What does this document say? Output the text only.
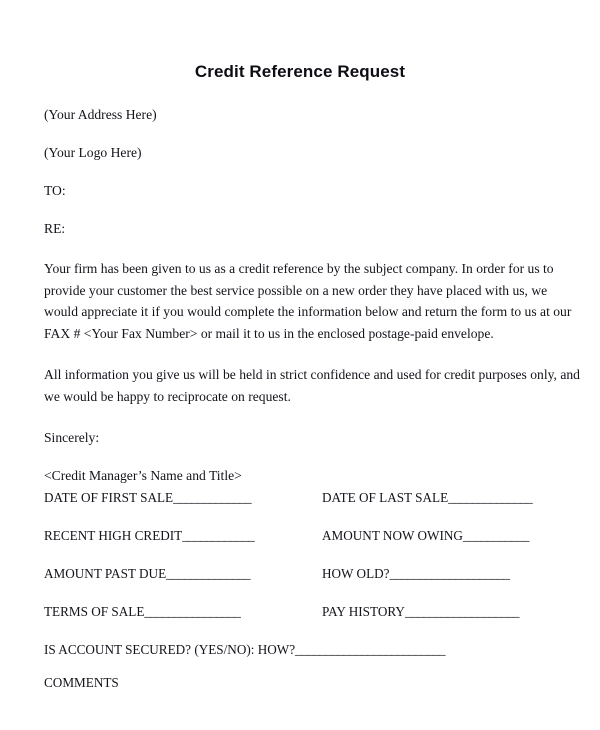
Credit Reference Request
(Your Address Here)
(Your Logo Here)
TO:
RE:
Your firm has been given to us as a credit reference by the subject company. In order for us to provide your customer the best service possible on a new order they have placed with us, we would appreciate it if you would complete the information below and return the form to us at our FAX # <Your Fax Number> or mail it to us in the enclosed postage-paid envelope.
All information you give us will be held in strict confidence and used for credit purposes only, and we would be happy to reciprocate on request.
Sincerely:
<Credit Manager’s Name and Title>
DATE OF FIRST SALE_____________	DATE OF LAST SALE______________
RECENT HIGH CREDIT____________	AMOUNT NOW OWING___________
AMOUNT PAST DUE______________	HOW OLD?____________________
TERMS OF SALE________________	PAY HISTORY___________________
IS ACCOUNT SECURED? (YES/NO): HOW?_________________________
COMMENTS
